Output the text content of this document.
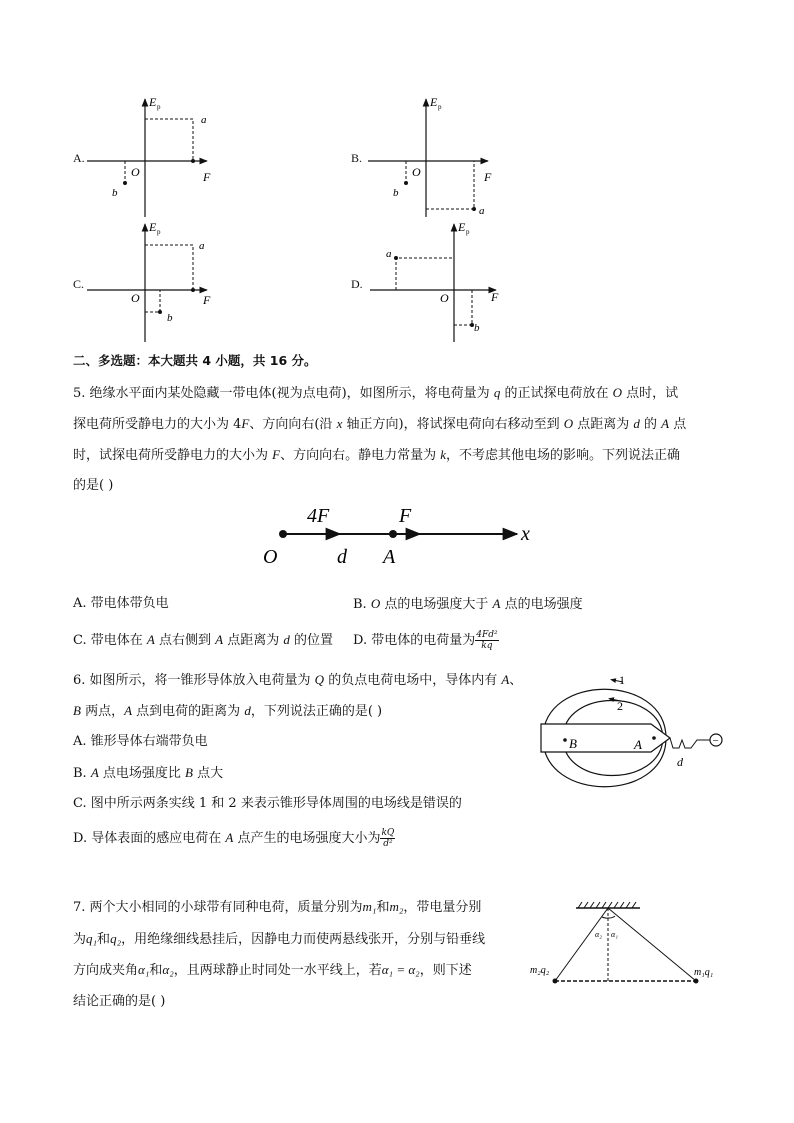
A.
E p
a
O	F
b
B.
E p
O	F
b
a
C.
E p
a
O	F
b
D.
E p
a
O	F
b
二、多选题：本大题共 4 小题，共 16 分。
5. 绝缘水平面内某处隐藏一带电体(视为点电荷)，如图所示，将电荷量为 q 的正试探电荷放在 O 点时，试
探电荷所受静电力的大小为 4F、方向向右(沿 x 轴正方向)，将试探电荷向右移动至到 O 点距离为 d 的 A 点
时，试探电荷所受静电力的大小为 F、方向向右。静电力常量为 k，不考虑其他电场的影响。下列说法正确
的是( )
4F	F
O	d A
x
A. 带电体带负电	B. O 点的电场强度大于 A 点的电场强度
C. 带电体在 A 点右侧到 A 点距离为 d 的位置 D. 带电体的电荷量为 $\frac{\text{4Fd²}}{kq}$
6. 如图所示，将一锥形导体放入电荷量为 Q 的负点电荷电场中，导体内有 A、
B 两点，A 点到电荷的距离为 d，下列说法正确的是( )
A. 锥形导体右端带负电
B. A 点电场强度比 B 点大
C. 图中所示两条实线 1 和 2 来表示锥形导体周围的电场线是错误的
D. 导体表面的感应电荷在 A 点产生的电场强度大小为 $\frac{kQ}{\text{d²}}$
−
1
2
B	A
d
7. 两个大小相同的小球带有同种电荷，质量分别为m₁和m₂，带电量分别
为q₁和q₂，用绝缘细线悬挂后，因静电力而使两悬线张开，分别与铅垂线
方向成夹角α₁和α₂，且两球静止时同处一水平线上，若α₁ = α₂，则下述
结论正确的是( )
α₂ α₁
m₂q₂	m₁q₁
